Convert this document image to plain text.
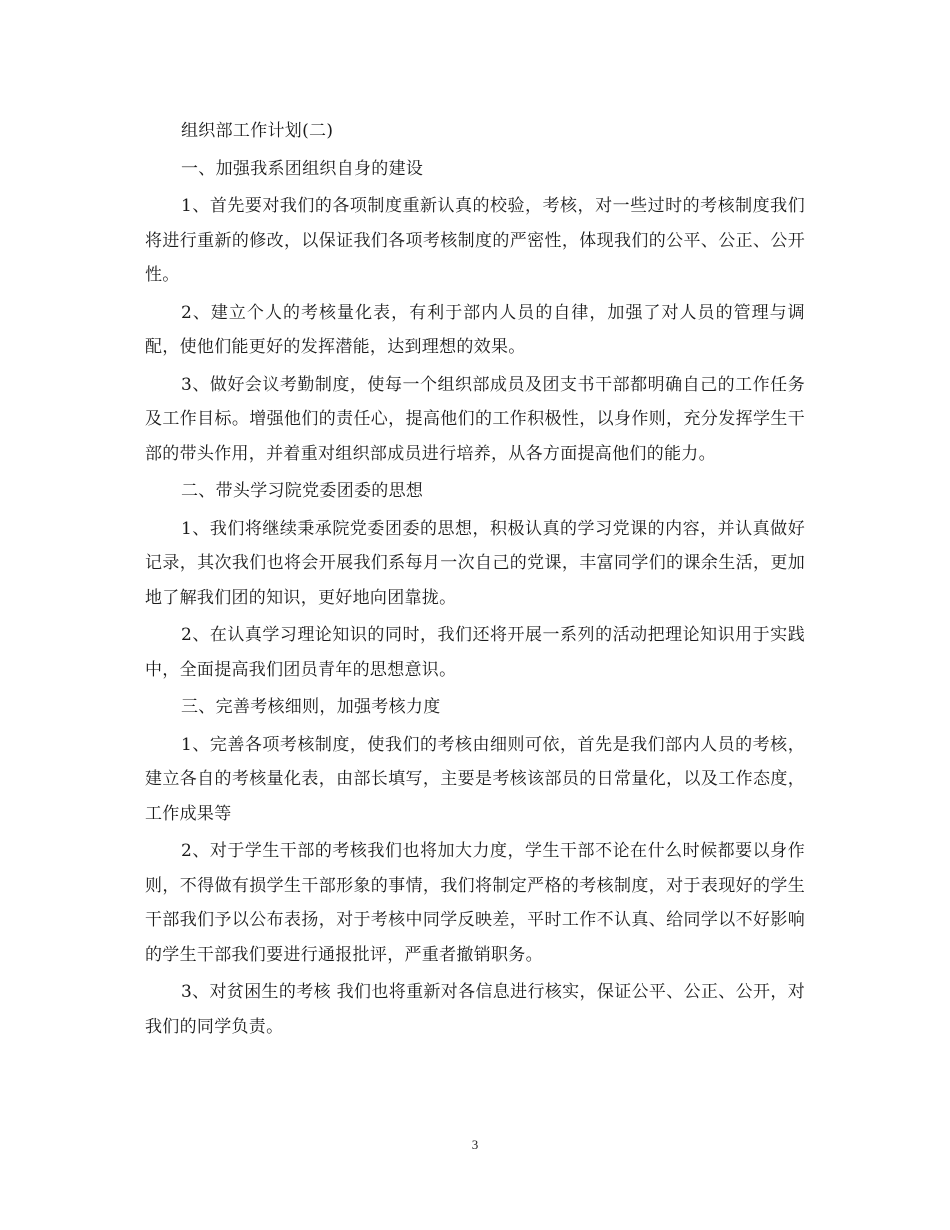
组织部工作计划(二)

一、加强我系团组织自身的建设

1、首先要对我们的各项制度重新认真的校验，考核，对一些过时的考核制度我们将进行重新的修改，以保证我们各项考核制度的严密性，体现我们的公平、公正、公开性。

2、建立个人的考核量化表，有利于部内人员的自律，加强了对人员的管理与调配，使他们能更好的发挥潜能，达到理想的效果。

3、做好会议考勤制度，使每一个组织部成员及团支书干部都明确自己的工作任务及工作目标。增强他们的责任心，提高他们的工作积极性，以身作则，充分发挥学生干部的带头作用，并着重对组织部成员进行培养，从各方面提高他们的能力。

二、带头学习院党委团委的思想

1、我们将继续秉承院党委团委的思想，积极认真的学习党课的内容，并认真做好记录，其次我们也将会开展我们系每月一次自己的党课，丰富同学们的课余生活，更加地了解我们团的知识，更好地向团靠拢。

2、在认真学习理论知识的同时，我们还将开展一系列的活动把理论知识用于实践中，全面提高我们团员青年的思想意识。

三、完善考核细则，加强考核力度

1、完善各项考核制度，使我们的考核由细则可依，首先是我们部内人员的考核，建立各自的考核量化表，由部长填写，主要是考核该部员的日常量化，以及工作态度，工作成果等

2、对于学生干部的考核我们也将加大力度，学生干部不论在什么时候都要以身作则，不得做有损学生干部形象的事情，我们将制定严格的考核制度，对于表现好的学生干部我们予以公布表扬，对于考核中同学反映差，平时工作不认真、给同学以不好影响的学生干部我们要进行通报批评，严重者撤销职务。

3、对贫困生的考核 我们也将重新对各信息进行核实，保证公平、公正、公开，对我们的同学负责。

3
